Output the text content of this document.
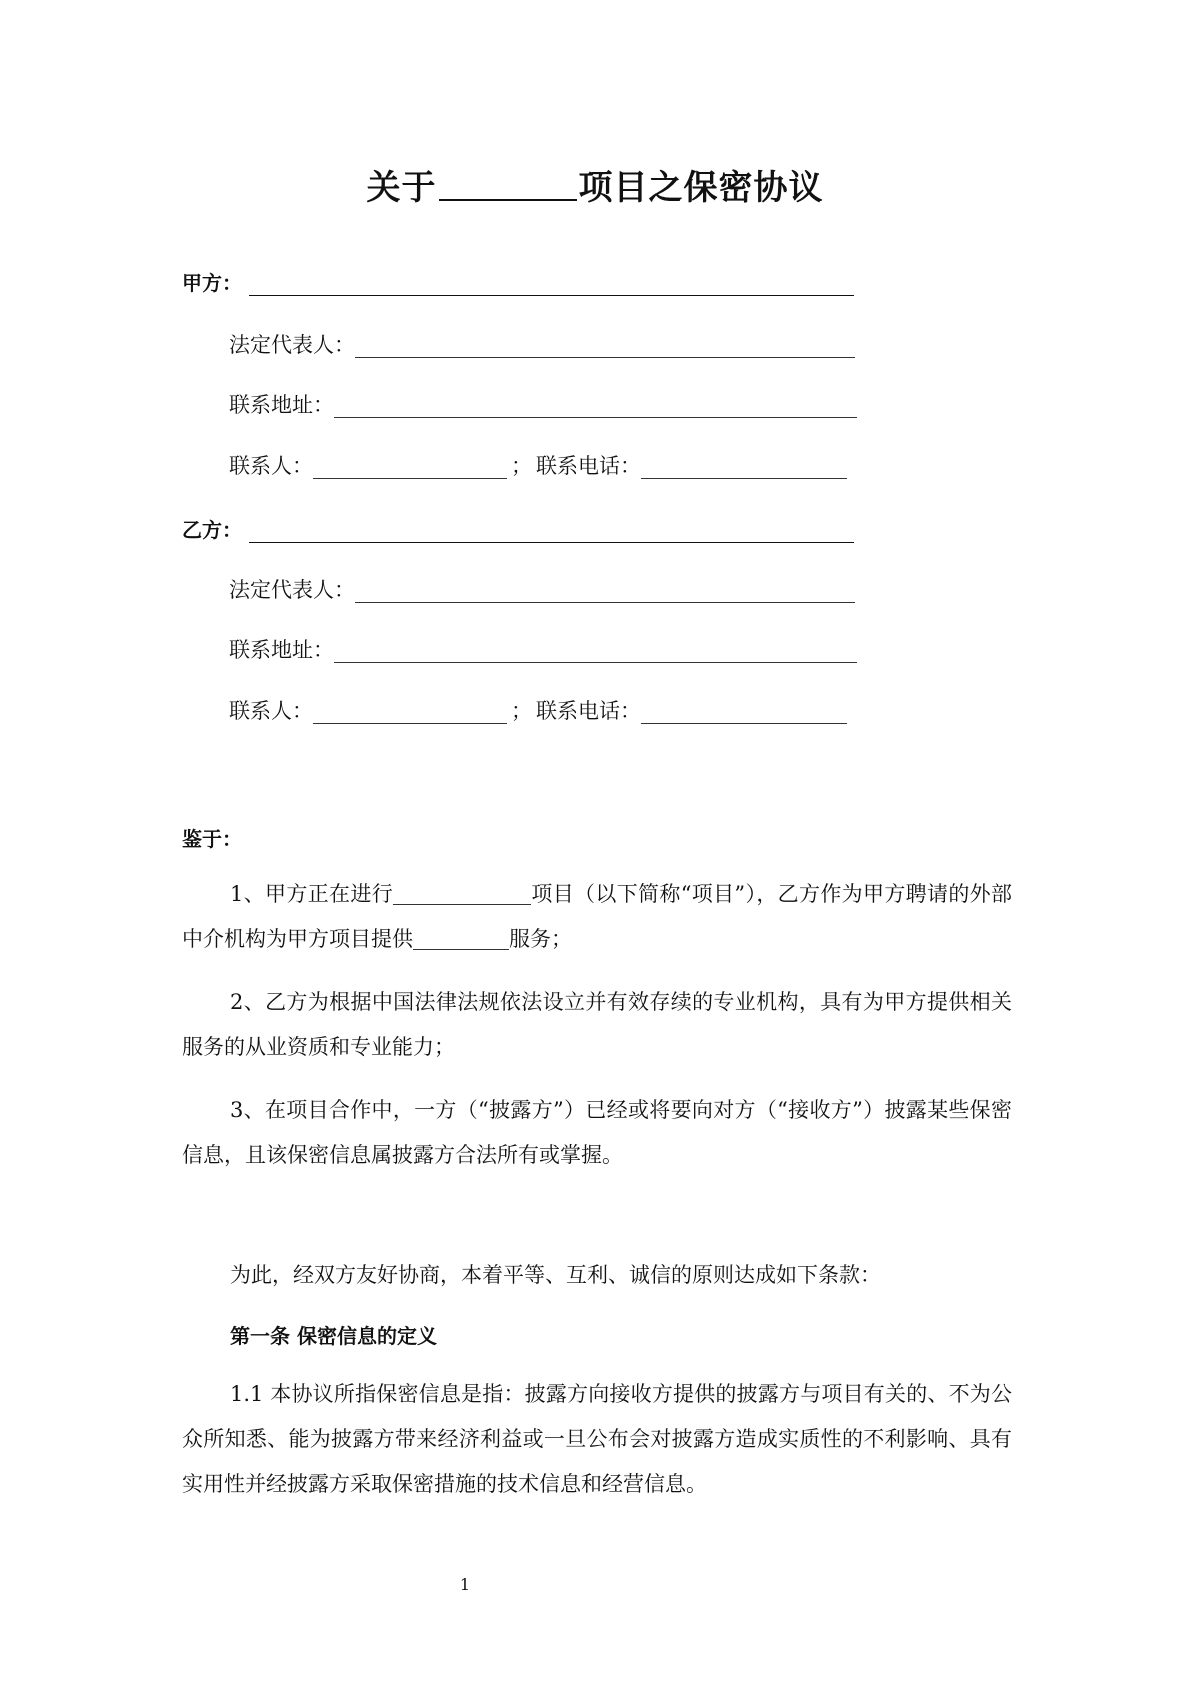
关于	项目之保密协议
甲方：
法定代表人：
联系地址：
联系人：	； 联系电话：
乙方：
法定代表人：
联系地址：
联系人：	； 联系电话：
鉴于：
1、甲方正在进行	项目（以下简称“项目”），乙方作为甲方聘请的外部中介机构为甲方项目提供	服务；
2、乙方为根据中国法律法规依法设立并有效存续的专业机构，具有为甲方提供相关服务的从业资质和专业能力；
3、在项目合作中，一方（“披露方”）已经或将要向对方（“接收方”）披露某些保密信息，且该保密信息属披露方合法所有或掌握。
为此，经双方友好协商，本着平等、互利、诚信的原则达成如下条款：
第一条 保密信息的定义
1.1 本协议所指保密信息是指：披露方向接收方提供的披露方与项目有关的、不为公众所知悉、能为披露方带来经济利益或一旦公布会对披露方造成实质性的不利影响、具有实用性并经披露方采取保密措施的技术信息和经营信息。
1
